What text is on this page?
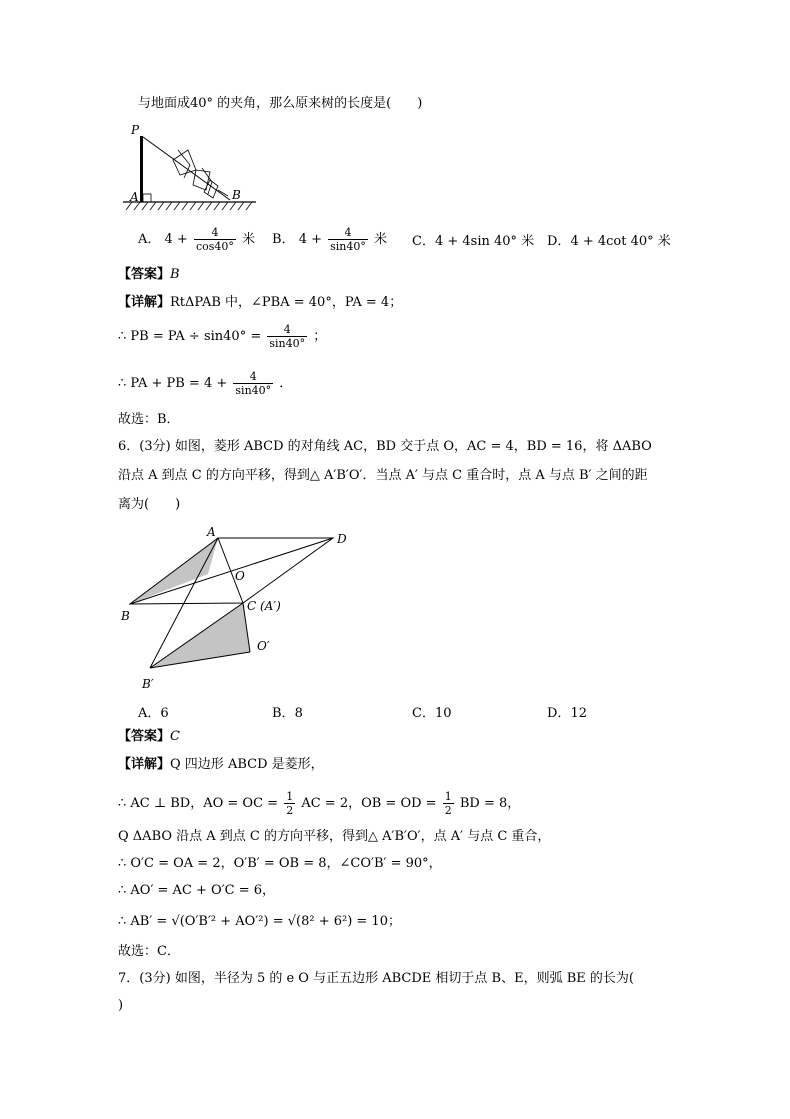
与地面成40° 的夹角，那么原来树的长度是(　　)
P
A	B
A． $4 + \frac{4}{\cos 40^\circ}$ 米 B． $4 + \frac{4}{\sin 40^\circ}$ 米 C．4 + 4sin 40° 米 D．4 + 4cot 40° 米
【答案】B
【详解】RtΔPAB 中，∠PBA = 40°，PA = 4；
∴ PB = PA ÷ $\sin 40^\circ = \frac{4}{\sin 40^\circ}$ ；
∴ PA + PB = $4 + \frac{4}{\sin 40^\circ}$ ．
故选：B．
6．(3分) 如图，菱形 ABCD 的对角线 AC，BD 交于点 O，AC = 4，BD = 16，将 ΔABO
沿点 A 到点 C 的方向平移，得到△ A′B′O′．当点 A′ 与点 C 重合时，点 A 与点 B′ 之间的距
离为(　　)
A	D
O
B
C (A′)
O′
B′
A．6	B．8	C．10	D．12
【答案】C
【详解】Q 四边形 ABCD 是菱形，
∴ AC ⊥ BD，AO = OC = $\frac{1}{2}$ AC = 2，OB = OD = $\frac{1}{2}$ BD = 8，
Q ΔABO 沿点 A 到点 C 的方向平移，得到△ A′B′O′，点 A′ 与点 C 重合，
∴ O′C = OA = 2，O′B′ = OB = 8，∠CO′B′ = 90°，
∴ AO′ = AC + O′C = 6，
∴ AB′ = √(O′B′² + AO′²) = √(8² + 6²) = 10；
故选：C．
7．(3分) 如图，半径为 5 的 e O 与正五边形 ABCDE 相切于点 B、E，则弧 BE 的长为(
)
